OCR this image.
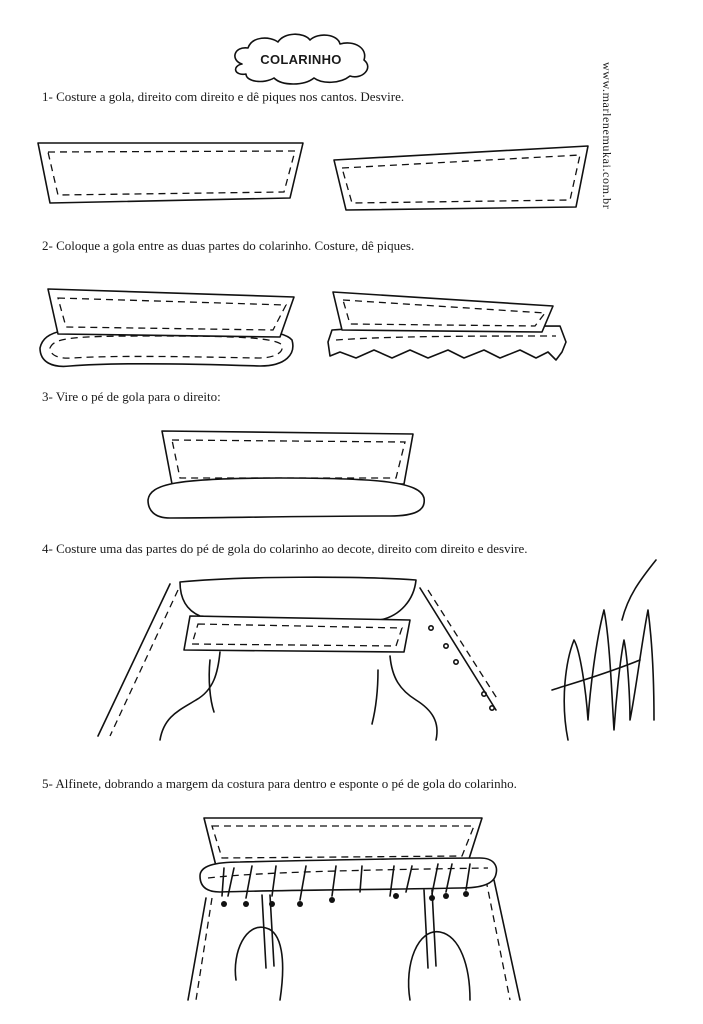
COLARINHO
www.marlenemukai.com.br
1- Costure a gola, direito com direito e dê piques nos cantos. Desvire.
2- Coloque a gola entre as duas partes do colarinho. Costure, dê piques.
3- Vire o pé de gola para o direito:
4- Costure uma das partes do pé de gola do colarinho ao decote, direito com direito e desvire.
5- Alfinete, dobrando a margem da costura para dentro e esponte o pé de gola do colarinho.
